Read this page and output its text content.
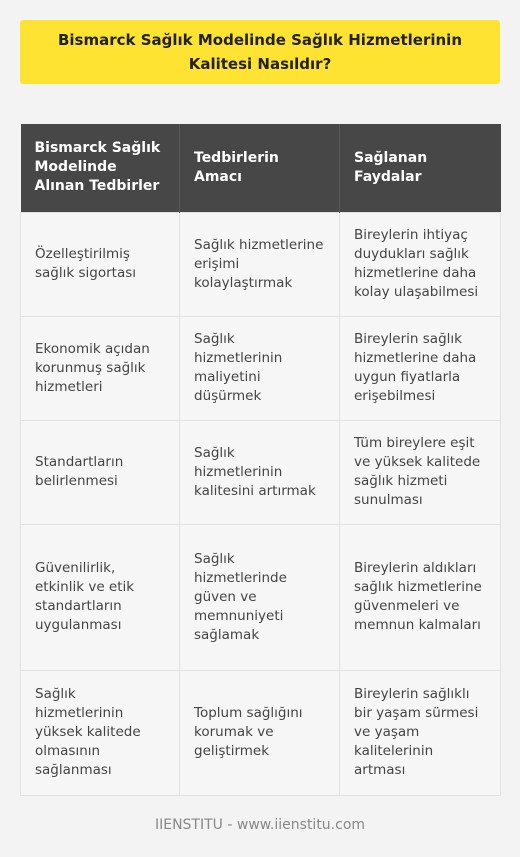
Bismarck Sağlık Modelinde Sağlık Hizmetlerinin Kalitesi Nasıldır?
Bismarck Sağlık Modelinde Alınan Tedbirler	Tedbirlerin Amacı	Sağlanan Faydalar
Özelleştirilmiş sağlık sigortası	Sağlık hizmetlerine erişimi kolaylaştırmak	Bireylerin ihtiyaç duydukları sağlık hizmetlerine daha kolay ulaşabilmesi
Ekonomik açıdan korunmuş sağlık hizmetleri	Sağlık hizmetlerinin maliyetini düşürmek	Bireylerin sağlık hizmetlerine daha uygun fiyatlarla erişebilmesi
Standartların belirlenmesi	Sağlık hizmetlerinin kalitesini artırmak	Tüm bireylere eşit ve yüksek kalitede sağlık hizmeti sunulması
Güvenilirlik, etkinlik ve etik standartların uygulanması	Sağlık hizmetlerinde güven ve memnuniyeti sağlamak	Bireylerin aldıkları sağlık hizmetlerine güvenmeleri ve memnun kalmaları
Sağlık hizmetlerinin yüksek kalitede olmasının sağlanması	Toplum sağlığını korumak ve geliştirmek	Bireylerin sağlıklı bir yaşam sürmesi ve yaşam kalitelerinin artması
IIENSTITU - www.iienstitu.com
